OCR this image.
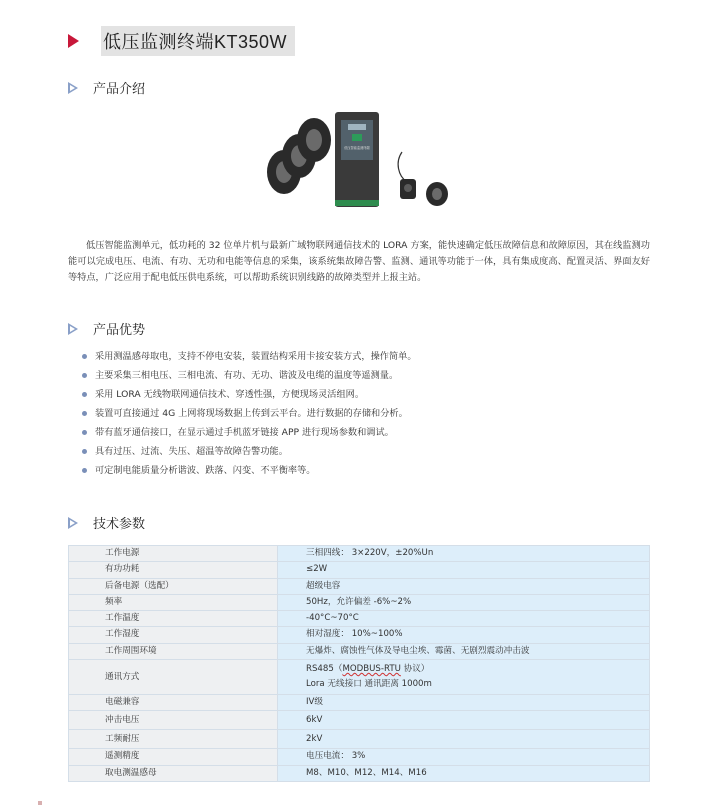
低压监测终端KT350W
产品介绍
低压智能监测终端

低压智能监测单元，低功耗的 32 位单片机与最新广域物联网通信技术的 LORA 方案，能快速确定低压故障信息和故障原因，其在线监测功能可以完成电压、电流、有功、无功和电能等信息的采集，该系统集故障告警、监测、通讯等功能于一体，具有集成度高、配置灵活、界面友好等特点，广泛应用于配电低压供电系统，可以帮助系统识别线路的故障类型并上报主站。

产品优势
采用测温感母取电，支持不停电安装，装置结构采用卡接安装方式，操作简单。
主要采集三相电压、三相电流、有功、无功、谐波及电缆的温度等遥测量。
采用 LORA 无线物联网通信技术、穿透性强，方便现场灵活组网。
装置可直接通过 4G 上网将现场数据上传到云平台。进行数据的存储和分析。
带有蓝牙通信接口，在显示通过手机蓝牙链接 APP 进行现场参数和调试。
具有过压、过流、失压、超温等故障告警功能。
可定制电能质量分析谐波、跌落、闪变、不平衡率等。
技术参数
工作电源	三相四线： 3×220V，±20%Un
有功功耗	≤2W
后备电源（选配）	超级电容
频率	50Hz，允许偏差 -6%~2%
工作温度	-40°C~70°C
工作湿度	相对湿度： 10%~100%
工作周围环境	无爆炸、腐蚀性气体及导电尘埃、霉菌、无剧烈震动冲击波
通讯方式	RS485（MODBUS-RTU 协议）
Lora 无线接口 通讯距离 1000m

电磁兼容	IV级
冲击电压	6kV
工频耐压	2kV
遥测精度	电压电流： 3%
取电测温感母	M8、M10、M12、M14、M16
